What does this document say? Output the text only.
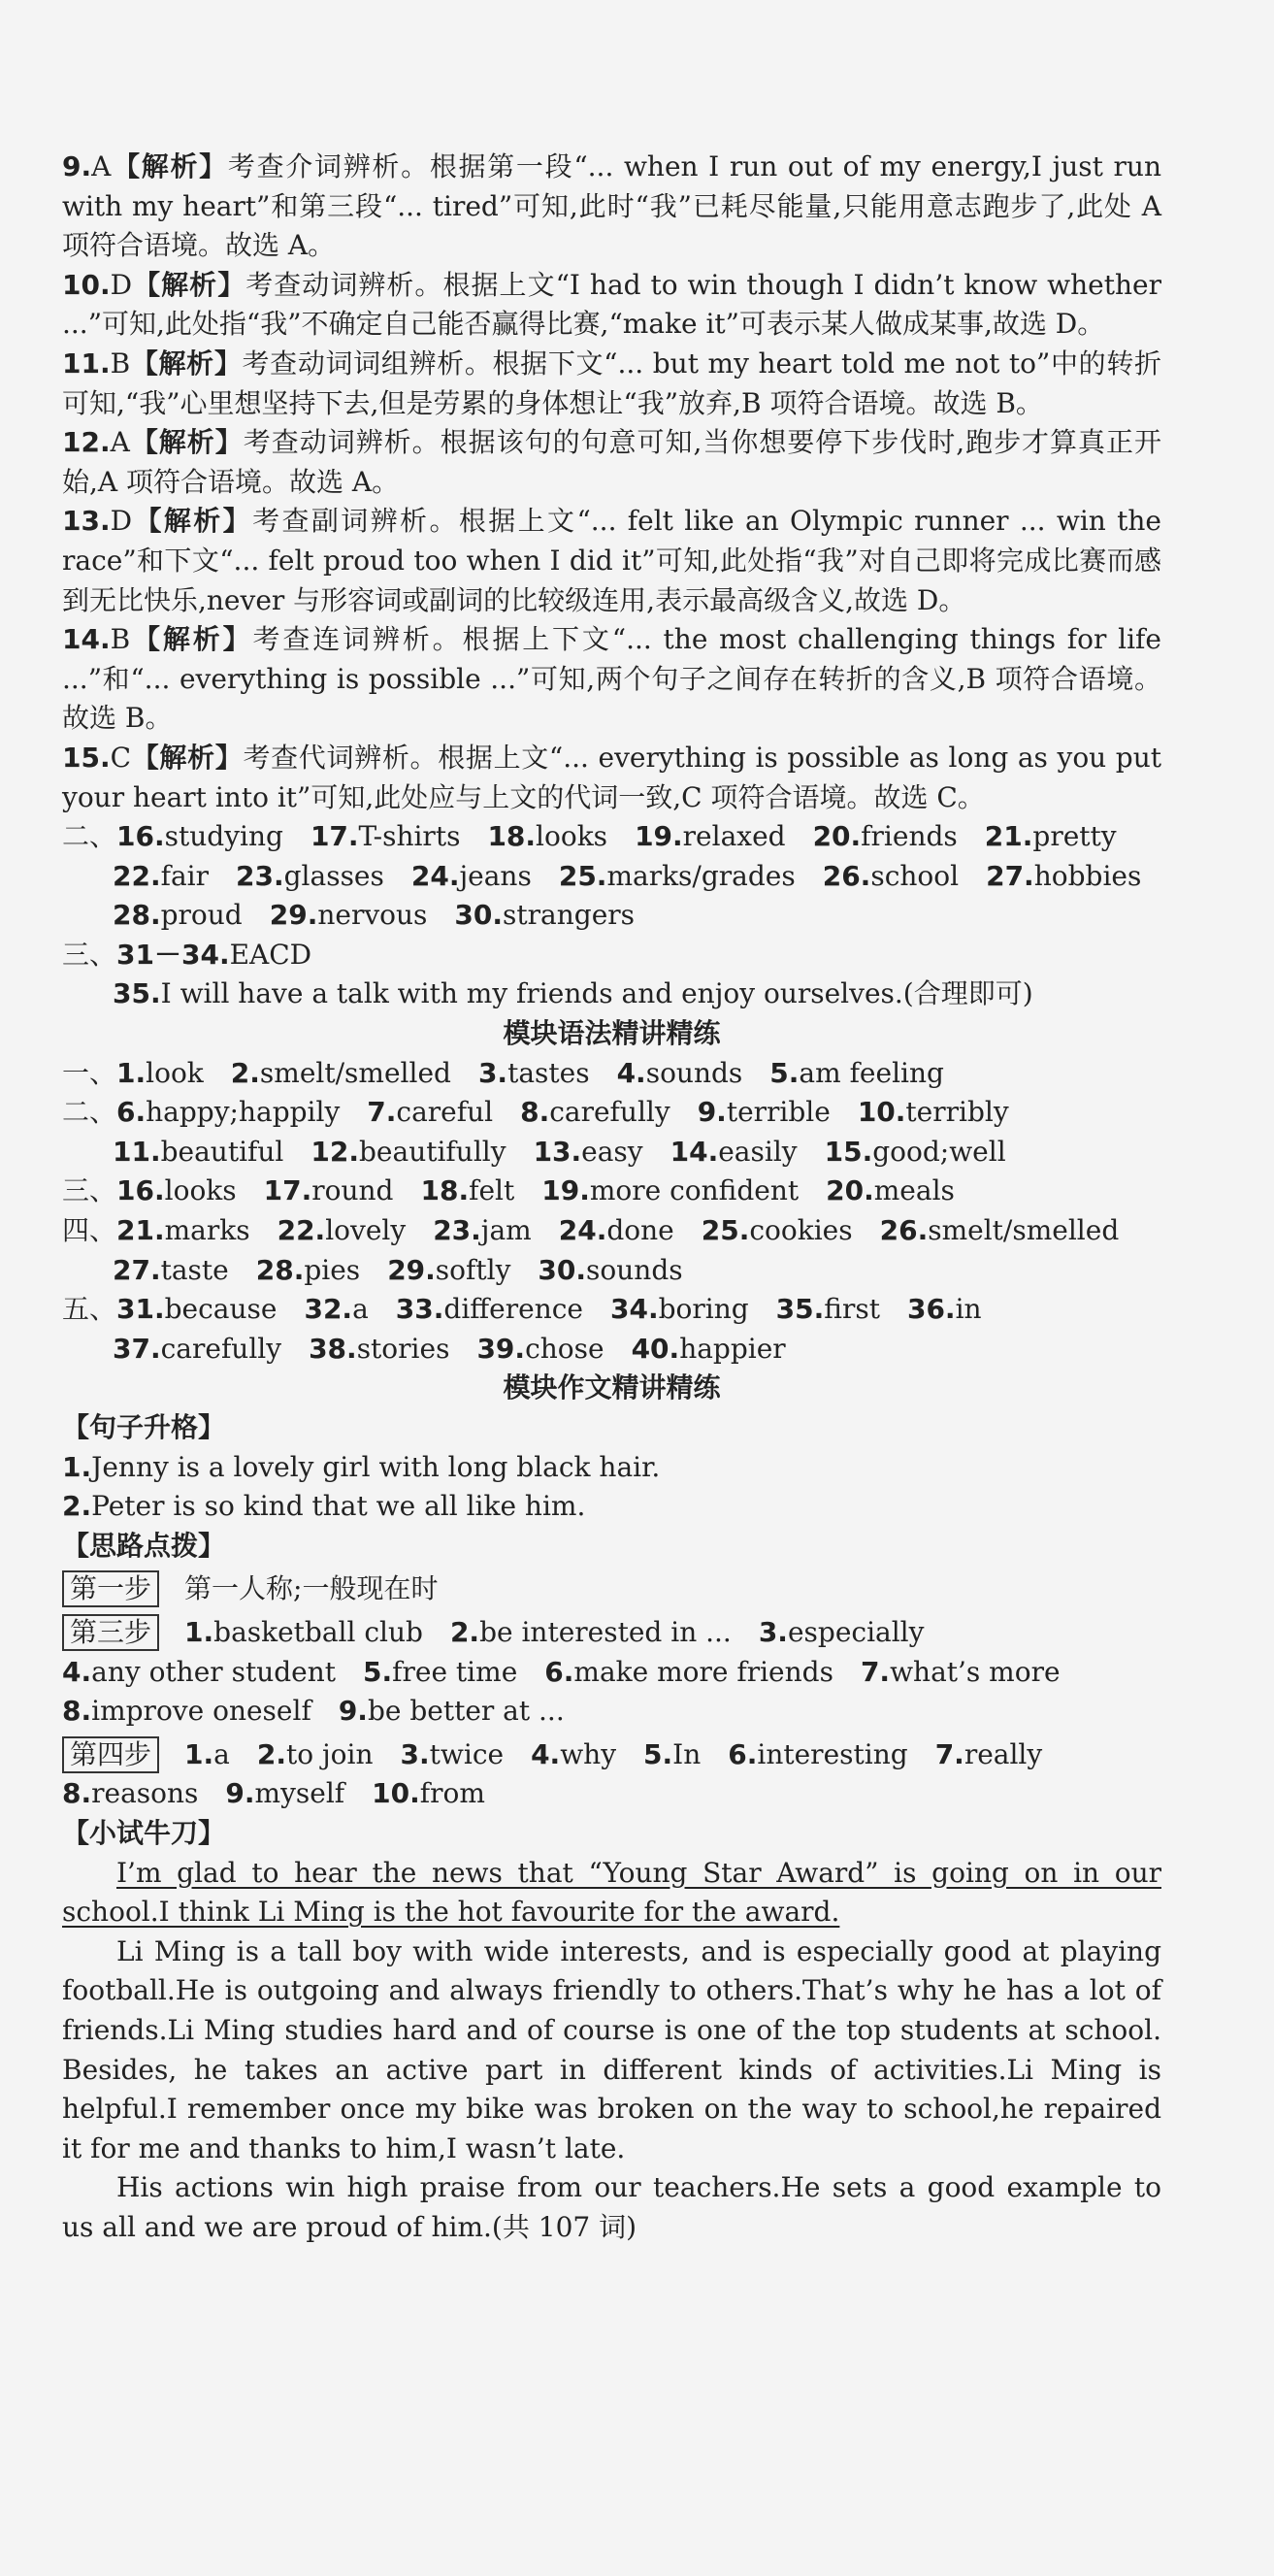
9.A【解析】考查介词辨析。根据第一段“... when I run out of my energy,I just run with my heart”和第三段“... tired”可知,此时“我”已耗尽能量,只能用意志跑步了,此处 A 项符合语境。故选 A。

10.D【解析】考查动词辨析。根据上文“I had to win though I didn’t know whether ...”可知,此处指“我”不确定自己能否赢得比赛,“make it”可表示某人做成某事,故选 D。

11.B【解析】考查动词词组辨析。根据下文“... but my heart told me not to”中的转折可知,“我”心里想坚持下去,但是劳累的身体想让“我”放弃,B 项符合语境。故选 B。

12.A【解析】考查动词辨析。根据该句的句意可知,当你想要停下步伐时,跑步才算真正开始,A 项符合语境。故选 A。

13.D【解析】考查副词辨析。根据上文“... felt like an Olympic runner ... win the race”和下文“... felt proud too when I did it”可知,此处指“我”对自己即将完成比赛而感到无比快乐,never 与形容词或副词的比较级连用,表示最高级含义,故选 D。

14.B【解析】考查连词辨析。根据上下文“... the most challenging things for life ...”和“... everything is possible ...”可知,两个句子之间存在转折的含义,B 项符合语境。故选 B。

15.C【解析】考查代词辨析。根据上文“... everything is possible as long as you put your heart into it”可知,此处应与上文的代词一致,C 项符合语境。故选 C。

二、16.studying 17.T-shirts 18.looks 19.relaxed 20.friends 21.pretty

22.fair 23.glasses 24.jeans 25.marks/grades 26.school 27.hobbies

28.proud 29.nervous 30.strangers

三、31－34.EACD

35.I will have a talk with my friends and enjoy ourselves.(合理即可)

模块语法精讲精练

一、1.look 2.smelt/smelled 3.tastes 4.sounds 5.am feeling

二、6.happy;happily 7.careful 8.carefully 9.terrible 10.terribly

11.beautiful 12.beautifully 13.easy 14.easily 15.good;well

三、16.looks 17.round 18.felt 19.more confident 20.meals

四、21.marks 22.lovely 23.jam 24.done 25.cookies 26.smelt/smelled

27.taste 28.pies 29.softly 30.sounds

五、31.because 32.a 33.difference 34.boring 35.first 36.in

37.carefully 38.stories 39.chose 40.happier

模块作文精讲精练

【句子升格】

1.Jenny is a lovely girl with long black hair.

2.Peter is so kind that we all like him.

【思路点拨】

第一步 第一人称;一般现在时

第三步 1.basketball club 2.be interested in ... 3.especially

4.any other student 5.free time 6.make more friends 7.what’s more

8.improve oneself 9.be better at ...

第四步 1.a 2.to join 3.twice 4.why 5.In 6.interesting 7.really

8.reasons 9.myself 10.from

【小试牛刀】

I’m glad to hear the news that “Young Star Award” is going on in our school.I think Li Ming is the hot favourite for the award.

Li Ming is a tall boy with wide interests, and is especially good at playing football.He is outgoing and always friendly to others.That’s why he has a lot of friends.Li Ming studies hard and of course is one of the top students at school. Besides, he takes an active part in different kinds of activities.Li Ming is helpful.I remember once my bike was broken on the way to school,he repaired it for me and thanks to him,I wasn’t late.

His actions win high praise from our teachers.He sets a good example to us all and we are proud of him.(共 107 词)
